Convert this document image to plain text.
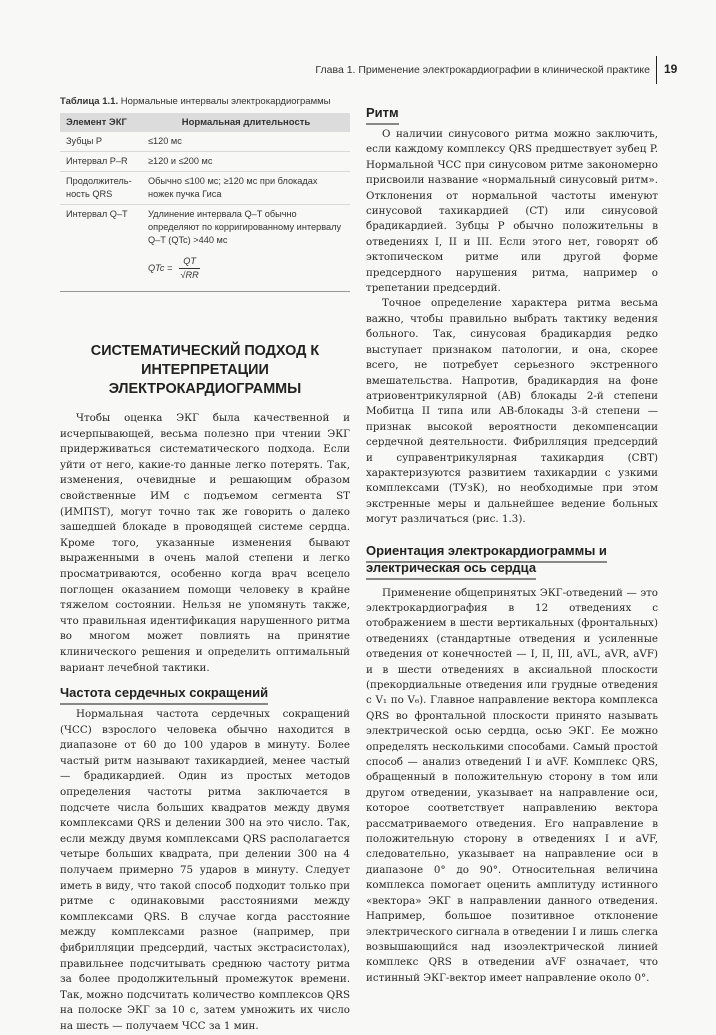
Глава 1. Применение электрокардиографии в клинической практике 19
Таблица 1.1. Нормальные интервалы электрокардиограммы
Элемент ЭКГ	Нормальная длительность
Зубцы P	≤120 мс
Интервал P–R	≥120 и ≤200 мс
Продолжитель-ность QRS	Обычно ≤100 мс; ≥120 мс при блокадах ножек пучка Гиса
Интервал Q–T	Удлинение интервала Q–T обычно определяют по корригированному интервалу Q–T (QTc) >440 мс
QTc = $\frac{QT}{√RR}$
СИСТЕМАТИЧЕСКИЙ ПОДХОД К ИНТЕРПРЕТАЦИИ ЭЛЕКТРОКАРДИОГРАММЫ

Чтобы оценка ЭКГ была качественной и исчерпывающей, весьма полезно при чтении ЭКГ придерживаться систематического подхода. Если уйти от него, какие-то данные легко потерять. Так, изменения, очевидные и решающим образом свойственные ИМ с подъемом сегмента ST (ИМПST), могут точно так же говорить о далеко зашедшей блокаде в проводящей системе сердца. Кроме того, указанные изменения бывают выраженными в очень малой степени и легко просматриваются, особенно когда врач всецело поглощен оказанием помощи человеку в крайне тяжелом состоянии. Нельзя не упомянуть также, что правильная идентификация нарушенного ритма во многом может повлиять на принятие клинического решения и определить оптимальный вариант лечебной тактики.

Частота сердечных сокращений

Нормальная частота сердечных сокращений (ЧСС) взрослого человека обычно находится в диапазоне от 60 до 100 ударов в минуту. Более частый ритм называют тахикардией, менее частый — брадикардией. Один из простых методов определения частоты ритма заключается в подсчете числа больших квадратов между двумя комплексами QRS и делении 300 на это число. Так, если между двумя комплексами QRS располагается четыре больших квадрата, при делении 300 на 4 получаем примерно 75 ударов в минуту. Следует иметь в виду, что такой способ подходит только при ритме с одинаковыми расстояниями между комплексами QRS. В случае когда расстояние между комплексами разное (например, при фибрилляции предсердий, частых экстрасистолах), правильнее подсчитывать среднюю частоту ритма за более продолжительный промежуток времени. Так, можно подсчитать количество комплексов QRS на полоске ЭКГ за 10 с, затем умножить их число на шесть — получаем ЧСС за 1 мин.

Ритм

О наличии синусового ритма можно заключить, если каждому комплексу QRS предшествует зубец P. Нормальной ЧСС при синусовом ритме закономерно присвоили название «нормальный синусовый ритм». Отклонения от нормальной частоты именуют синусовой тахикардией (СТ) или синусовой брадикардией. Зубцы P обычно положительны в отведениях I, II и III. Если этого нет, говорят об эктопическом ритме или другой форме предсердного нарушения ритма, например о трепетании предсердий.

Точное определение характера ритма весьма важно, чтобы правильно выбрать тактику ведения больного. Так, синусовая брадикардия редко выступает признаком патологии, и она, скорее всего, не потребует серьезного экстренного вмешательства. Напротив, брадикардия на фоне атриовентрикулярной (АВ) блокады 2-й степени Мобитца II типа или АВ-блокады 3-й степени — признак высокой вероятности декомпенсации сердечной деятельности. Фибрилляция предсердий и суправентрикулярная тахикардия (СВТ) характеризуются развитием тахикардии с узкими комплексами (ТУзК), но необходимые при этом экстренные меры и дальнейшее ведение больных могут различаться (рис. 1.3).

Ориентация электрокардиограммы и электрическая ось сердца

Применение общепринятых ЭКГ-отведений — это электрокардиография в 12 отведениях с отображением в шести вертикальных (фронтальных) отведениях (стандартные отведения и усиленные отведения от конечностей — I, II, III, aVL, aVR, aVF) и в шести отведениях в аксиальной плоскости (прекордиальные отведения или грудные отведения с V₁ по V₆). Главное направление вектора комплекса QRS во фронтальной плоскости принято называть электрической осью сердца, осью ЭКГ. Ее можно определять несколькими способами. Самый простой способ — анализ отведений I и aVF. Комплекс QRS, обращенный в положительную сторону в том или другом отведении, указывает на направление оси, которое соответствует направлению вектора рассматриваемого отведения. Его направление в положительную сторону в отведениях I и aVF, следовательно, указывает на направление оси в диапазоне 0° до 90°. Относительная величина комплекса помогает оценить амплитуду истинного «вектора» ЭКГ в направлении данного отведения. Например, большое позитивное отклонение электрического сигнала в отведении I и лишь слегка возвышающийся над изоэлектрической линией комплекс QRS в отведении aVF означает, что истинный ЭКГ-вектор имеет направление около 0°.
